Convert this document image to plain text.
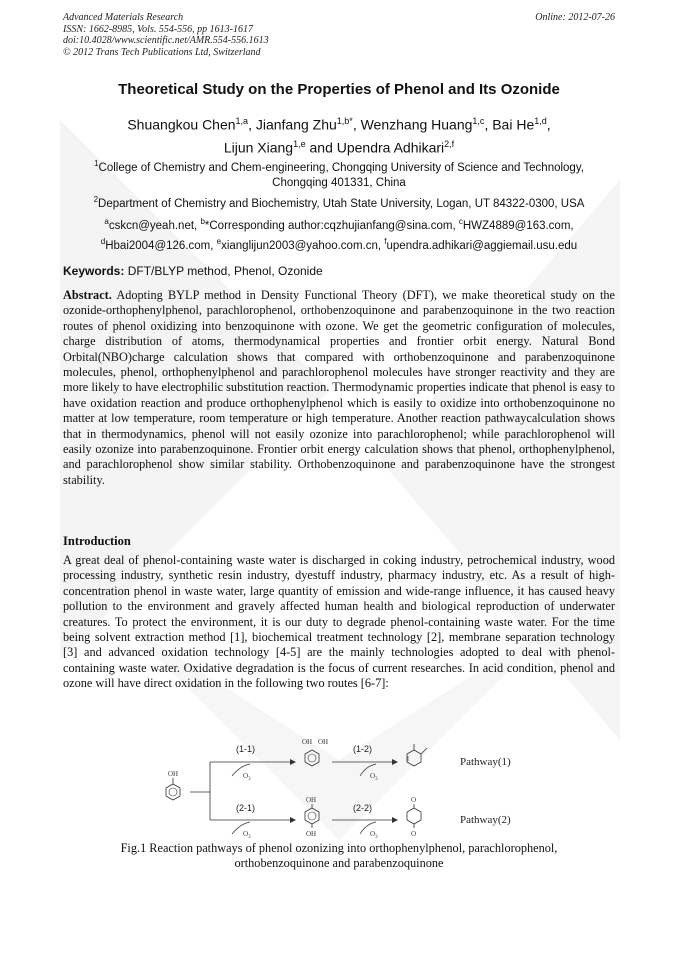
Advanced Materials Research
ISSN: 1662-8985, Vols. 554-556, pp 1613-1617
doi:10.4028/www.scientific.net/AMR.554-556.1613
© 2012 Trans Tech Publications Ltd, Switzerland
Online: 2012-07-26
Theoretical Study on the Properties of Phenol and Its Ozonide
Shuangkou Chen$^{1,a}$, Jianfang Zhu$^{1,b*}$, Wenzhang Huang$^{1,c}$, Bai He$^{1,d}$,
Lijun Xiang$^{1,e}$ and Upendra Adhikari$^{2,f}$
$^1$College of Chemistry and Chem-engineering, Chongqing University of Science and Technology,
Chongqing 401331, China
$^2$Department of Chemistry and Biochemistry, Utah State University, Logan, UT 84322-0300, USA
$^a$cskcn@yeah.net, $^b$*Corresponding author:cqzhujianfang@sina.com, $^c$HWZ4889@163.com,
$^d$Hbai2004@126.com, $^e$xianglijun2003@yahoo.com.cn, $^f$upendra.adhikari@aggiemail.usu.edu
Keywords: DFT/BLYP method, Phenol, Ozonide
Abstract. Adopting BYLP method in Density Functional Theory (DFT), we make theoretical study on the ozonide-orthophenylphenol, parachlorophenol, orthobenzoquinone and parabenzoquinone in the two reaction routes of phenol oxidizing into benzoquinone with ozone. We get the geometric configuration of molecules, charge distribution of atoms, thermodynamical properties and frontier orbit energy. Natural Bond Orbital(NBO)charge calculation shows that compared with orthobenzoquinone and parabenzoquinone molecules, phenol, orthophenylphenol and parachlorophenol molecules have stronger reactivity and they are more likely to have electrophilic substitution reaction. Thermodynamic properties indicate that phenol is easy to have oxidation reaction and produce orthophenylphenol which is easily to oxidize into orthobenzoquinone no matter at low temperature, room temperature or high temperature. Another reaction pathwaycalculation shows that in thermodynamics, phenol will not easily ozonize into parachlorophenol; while parachlorophenol will easily ozonize into parabenzoquinone. Frontier orbit energy calculation shows that phenol, orthophenylphenol, and parachlorophenol show similar stability. Orthobenzoquinone and parabenzoquinone have the strongest stability.
Introduction
A great deal of phenol-containing waste water is discharged in coking industry, petrochemical industry, wood processing industry, synthetic resin industry, dyestuff industry, pharmacy industry, etc. As a result of high-concentration phenol in waste water, large quantity of emission and wide-range influence, it has caused heavy pollution to the environment and gravely affected human health and biological reproduction of underwater creatures. To protect the environment, it is our duty to degrade phenol-containing waste water. For the time being solvent extraction method [1], biochemical treatment technology [2], membrane separation technology [3] and advanced oxidation technology [4-5] are the mainly technologies adopted to deal with phenol-containing waste water. Oxidative degradation is the focus of current researches. In acid condition, phenol and ozone will have direct oxidation in the following two routes [6-7]:
OH
(1-1)
(2-1)
$O_3$
$O_3$
OH OH
OH
OH
(1-2)
$O_3$
(2-2)
$O_3$
O
O
Pathway(1)
Pathway(2)
Fig.1 Reaction pathways of phenol ozonizing into orthophenylphenol, parachlorophenol,
orthobenzoquinone and parabenzoquinone
